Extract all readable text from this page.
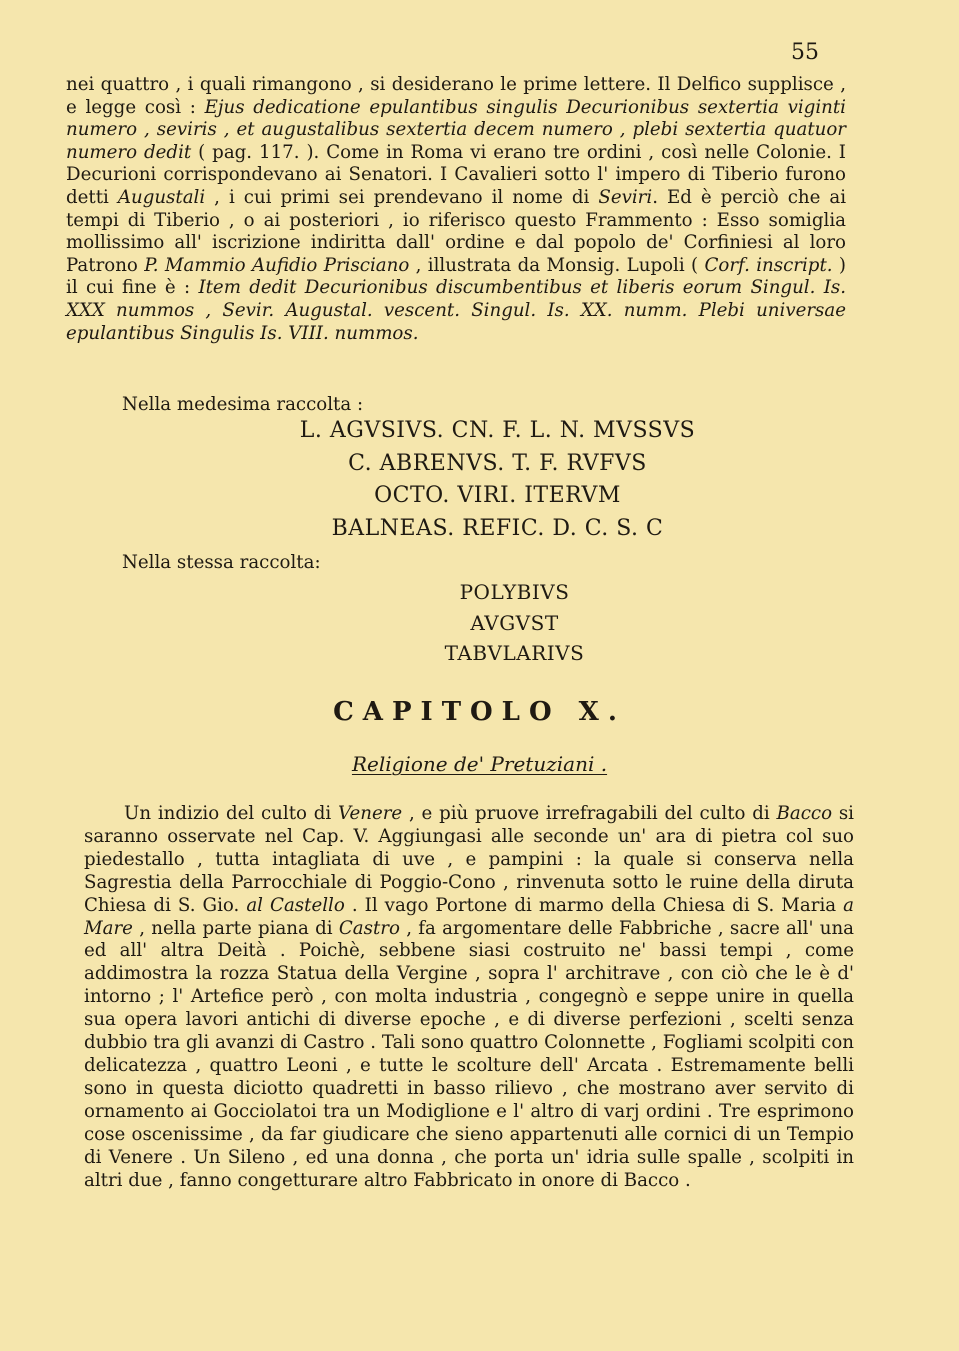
55

nei quattro , i quali rimangono , si desiderano le prime lettere. Il Delfico supplisce , e legge così : Ejus dedicatione epulantibus singulis Decurionibus sextertia viginti numero , seviris , et augustalibus sextertia decem numero , plebi sextertia quatuor numero dedit ( pag. 117. ). Come in Roma vi erano tre ordini , così nelle Colonie. I Decurioni corrispondevano ai Senatori. I Cavalieri sotto l' impero di Tiberio furono detti Augustali , i cui primi sei prendevano il nome di Seviri. Ed è perciò che ai tempi di Tiberio , o ai posteriori , io riferisco questo Frammento : Esso somiglia mollissimo all' iscrizione indiritta dall' ordine e dal popolo de' Corfiniesi al loro Patrono P. Mammio Aufidio Prisciano , illustrata da Monsig. Lupoli ( Corf. inscript. ) il cui fine è : Item dedit Decurionibus discumbentibus et liberis eorum Singul. Is. XXX nummos , Sevir. Augustal. vescent. Singul. Is. XX. numm. Plebi universae epulantibus Singulis Is. VIII. nummos.

Nella medesima raccolta :

L. AGVSIVS. CN. F. L. N. MVSSVS
C. ABRENVS. T. F. RVFVS
OCTO. VIRI. ITERVM
BALNEAS. REFIC. D. C. S. C

Nella stessa raccolta:

POLYBIVS
AVGVST
TABVLARIVS
CAPITOLO X.

Religione de' Pretuziani .

Un indizio del culto di Venere , e più pruove irrefragabili del culto di Bacco si saranno osservate nel Cap. V. Aggiungasi alle seconde un' ara di pietra col suo piedestallo , tutta intagliata di uve , e pampini : la quale si conserva nella Sagrestia della Parrocchiale di Poggio-Cono , rinvenuta sotto le ruine della diruta Chiesa di S. Gio. al Castello . Il vago Portone di marmo della Chiesa di S. Maria a Mare , nella parte piana di Castro , fa argomentare delle Fabbriche , sacre all' una ed all' altra Deità . Poichè, sebbene siasi costruito ne' bassi tempi , come addimostra la rozza Statua della Vergine , sopra l' architrave , con ciò che le è d' intorno ; l' Artefice però , con molta industria , congegnò e seppe unire in quella sua opera lavori antichi di diverse epoche , e di diverse perfezioni , scelti senza dubbio tra gli avanzi di Castro . Tali sono quattro Colonnette , Fogliami scolpiti con delicatezza , quattro Leoni , e tutte le scolture dell' Arcata . Estremamente belli sono in questa diciotto quadretti in basso rilievo , che mostrano aver servito di ornamento ai Gocciolatoi tra un Modiglione e l' altro di varj ordini . Tre esprimono cose oscenissime , da far giudicare che sieno appartenuti alle cornici di un Tempio di Venere . Un Sileno , ed una donna , che porta un' idria sulle spalle , scolpiti in altri due , fanno congetturare altro Fabbricato in onore di Bacco .
